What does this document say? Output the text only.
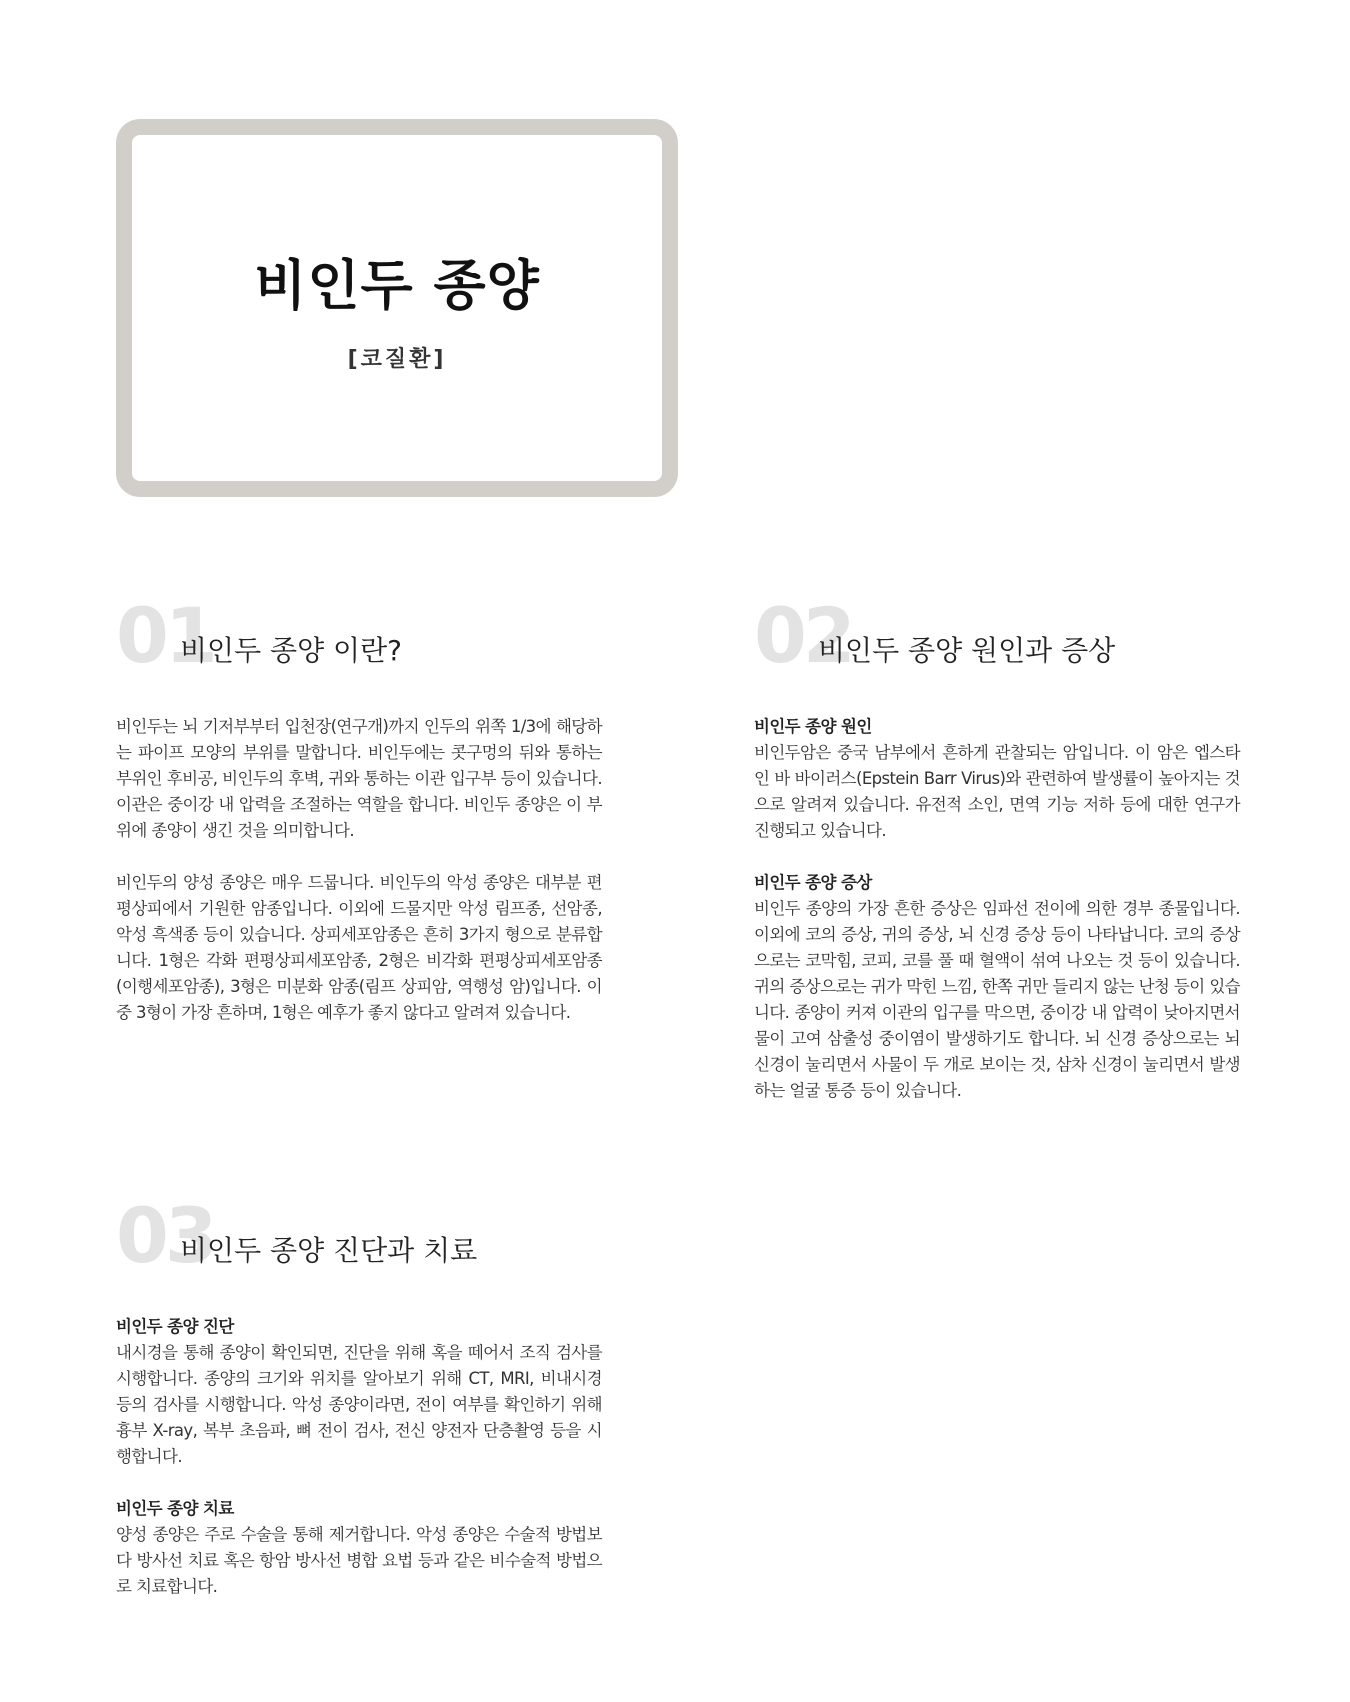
비인두 종양
[코질환]
01
비인두 종양 이란?

비인두는 뇌 기저부부터 입천장(연구개)까지 인두의 위쪽 1/3에 해당하는 파이프 모양의 부위를 말합니다. 비인두에는 콧구멍의 뒤와 통하는 부위인 후비공, 비인두의 후벽, 귀와 통하는 이관 입구부 등이 있습니다. 이관은 중이강 내 압력을 조절하는 역할을 합니다. 비인두 종양은 이 부위에 종양이 생긴 것을 의미합니다.

비인두의 양성 종양은 매우 드뭅니다. 비인두의 악성 종양은 대부분 편평상피에서 기원한 암종입니다. 이외에 드물지만 악성 림프종, 선암종, 악성 흑색종 등이 있습니다. 상피세포암종은 흔히 3가지 형으로 분류합니다. 1형은 각화 편평상피세포암종, 2형은 비각화 편평상피세포암종(이행세포암종), 3형은 미분화 암종(림프 상피암, 역행성 암)입니다. 이 중 3형이 가장 흔하며, 1형은 예후가 좋지 않다고 알려져 있습니다.

02
비인두 종양 원인과 증상

비인두 종양 원인

비인두암은 중국 남부에서 흔하게 관찰되는 암입니다. 이 암은 엡스타인 바 바이러스(Epstein Barr Virus)와 관련하여 발생률이 높아지는 것으로 알려져 있습니다. 유전적 소인, 면역 기능 저하 등에 대한 연구가 진행되고 있습니다.

비인두 종양 증상

비인두 종양의 가장 흔한 증상은 임파선 전이에 의한 경부 종물입니다. 이외에 코의 증상, 귀의 증상, 뇌 신경 증상 등이 나타납니다. 코의 증상으로는 코막힘, 코피, 코를 풀 때 혈액이 섞여 나오는 것 등이 있습니다. 귀의 증상으로는 귀가 막힌 느낌, 한쪽 귀만 들리지 않는 난청 등이 있습니다. 종양이 커져 이관의 입구를 막으면, 중이강 내 압력이 낮아지면서 물이 고여 삼출성 중이염이 발생하기도 합니다. 뇌 신경 증상으로는 뇌 신경이 눌리면서 사물이 두 개로 보이는 것, 삼차 신경이 눌리면서 발생하는 얼굴 통증 등이 있습니다.

03
비인두 종양 진단과 치료

비인두 종양 진단

내시경을 통해 종양이 확인되면, 진단을 위해 혹을 떼어서 조직 검사를 시행합니다. 종양의 크기와 위치를 알아보기 위해 CT, MRI, 비내시경 등의 검사를 시행합니다. 악성 종양이라면, 전이 여부를 확인하기 위해 흉부 X-ray, 복부 초음파, 뼈 전이 검사, 전신 양전자 단층촬영 등을 시행합니다.

비인두 종양 치료

양성 종양은 주로 수술을 통해 제거합니다. 악성 종양은 수술적 방법보다 방사선 치료 혹은 항암 방사선 병합 요법 등과 같은 비수술적 방법으로 치료합니다.
